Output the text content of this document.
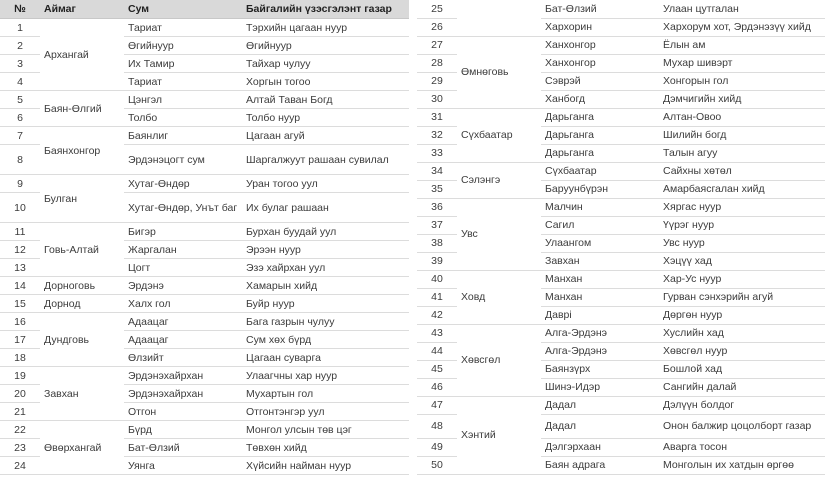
№	Аймаг	Сум	Байгалийн үзэсгэлэнт газар
1	Архангай	Тариат	Тэрхийн цагаан нуур
2		Өгийнуур	Өгийнуур
3		Их Тамир	Тайхар чулуу
4		Тариат	Хоргын тогоо
5	Баян-Өлгий	Цэнгэл	Алтай Таван Богд
6		Толбо	Толбо нуур
7	Баянхонгор	Баянлиг	Цагаан агуй
8		Эрдэнэцогт сум	Шаргалжуут рашаан сувилал
9	Булган	Хутаг-Өндөр	Уран тогоо уул
10		Хутаг-Өндөр, Унът баг	Их булаг рашаан
11	Говь-Алтай	Бигэр	Бурхан буудай уул
12		Жаргалан	Эрээн нуур
13		Цогт	Эзэ хайрхан уул
14	Дорноговь	Эрдэнэ	Хамарын хийд
15	Дорнод	Халх гол	Буйр нуур
16	Дундговь	Адаацаг	Бага газрын чулуу
17		Адаацаг	Сум хөх бүрд
18		Өлзийт	Цагаан суварга
19	Завхан	Эрдэнэхайрхан	Улаагчны хар нуур
20		Эрдэнэхайрхан	Мухартын гол
21		Отгон	Отгонтэнгэр уул
22	Өвөрхангай	Бүрд	Монгол улсын төв цэг
23		Бат-Өлзий	Төвхөн хийд
24		Уянга	Хүйсийн найман нуур
25		Бат-Өлзий	Улаан цутгалан
26		Хархорин	Хархорум хот, Эрдэнэзүү хийд
27	Өмнөговь	Ханхонгор	Ёлын ам
28		Ханхонгор	Мухар шивэрт
29		Сэврэй	Хонгорын гол
30		Ханбогд	Дэмчигийн хийд
31	Сүхбаатар	Дарьганга	Алтан-Овоо
32		Дарьганга	Шилийн богд
33		Дарьганга	Талын агуу
34	Сэлэнгэ	Сүхбаатар	Сайхны хөтөл
35		Баруунбүрэн	Амарбаясгалан хийд
36	Увс	Малчин	Хяргас нуур
37		Сагил	Үүрэг нуур
38		Улаангом	Увс нуур
39		Завхан	Хэцүү хад
40	Ховд	Манхан	Хар-Ус нуур
41		Манхан	Гурван сэнхэрийн агуй
42		Даврі	Дөргөн нуур
43	Хөвсгөл	Алга-Эрдэнэ	Хуслийн хад
44		Алга-Эрдэнэ	Хөвсгөл нуур
45		Баянзүрх	Бошлой хад
46		Шинэ-Идэр	Сангийн далай
47	Хэнтий	Дадал	Дэлүүн болдог
48		Дадал	Онон балжир цоцолборт газар
49		Дэлгэрхаан	Аварга тосон
50		Баян адрага	Монголын их хатдын өргөө
